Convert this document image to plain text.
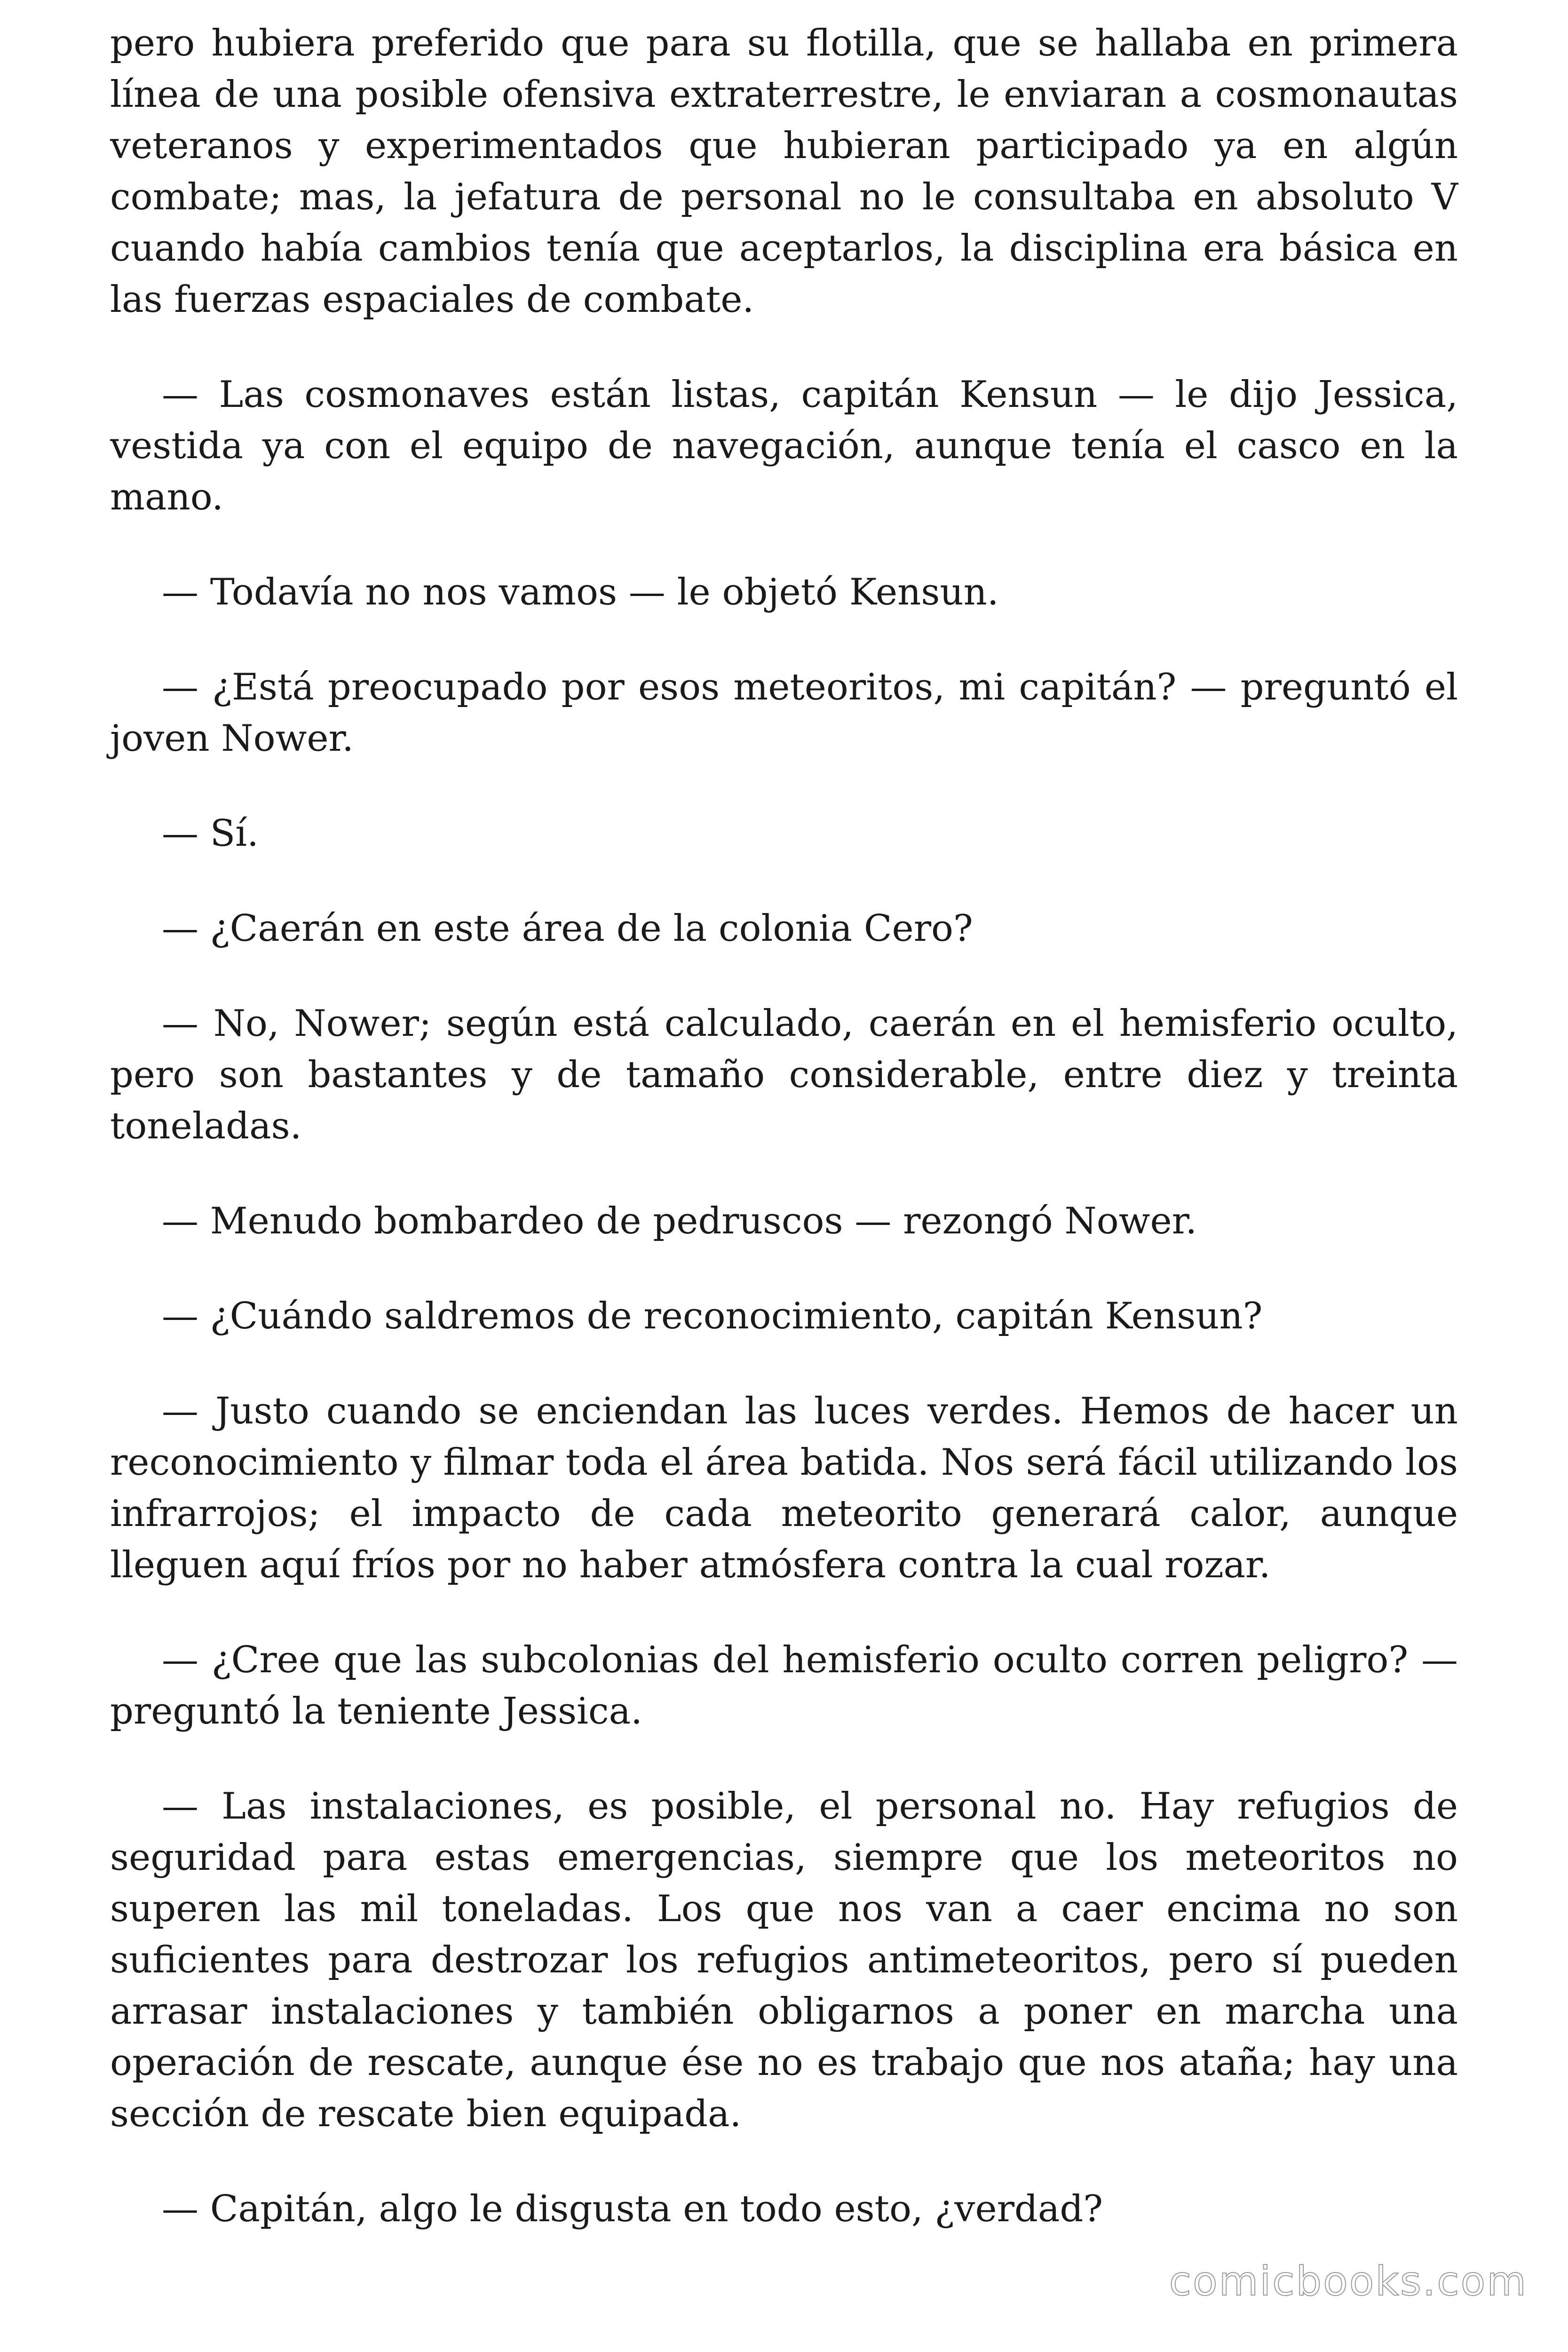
pero hubiera preferido que para su flotilla, que se hallaba en primera línea de una posible ofensiva extraterrestre, le enviaran a cosmonautas veteranos y experimentados que hubieran participado ya en algún combate; mas, la jefatura de personal no le consultaba en absoluto V cuando había cambios tenía que aceptarlos, la disciplina era básica en las fuerzas espaciales de combate.

— Las cosmonaves están listas, capitán Kensun — le dijo Jessica, vestida ya con el equipo de navegación, aunque tenía el casco en la mano.

— Todavía no nos vamos — le objetó Kensun.

— ¿Está preocupado por esos meteoritos, mi capitán? — preguntó el joven Nower.

— Sí.

— ¿Caerán en este área de la colonia Cero?

— No, Nower; según está calculado, caerán en el hemisferio oculto, pero son bastantes y de tamaño considerable, entre diez y treinta toneladas.

— Menudo bombardeo de pedruscos — rezongó Nower.

— ¿Cuándo saldremos de reconocimiento, capitán Kensun?

— Justo cuando se enciendan las luces verdes. Hemos de hacer un reconocimiento y filmar toda el área batida. Nos será fácil utilizando los infrarrojos; el impacto de cada meteorito generará calor, aunque lleguen aquí fríos por no haber atmósfera contra la cual rozar.

— ¿Cree que las subcolonias del hemisferio oculto corren peligro? — preguntó la teniente Jessica.

— Las instalaciones, es posible, el personal no. Hay refugios de seguridad para estas emergencias, siempre que los meteoritos no superen las mil toneladas. Los que nos van a caer encima no son suficientes para destrozar los refugios antimeteoritos, pero sí pueden arrasar instalaciones y también obligarnos a poner en marcha una operación de rescate, aunque ése no es trabajo que nos ataña; hay una sección de rescate bien equipada.

— Capitán, algo le disgusta en todo esto, ¿verdad?

comicbooks.com
